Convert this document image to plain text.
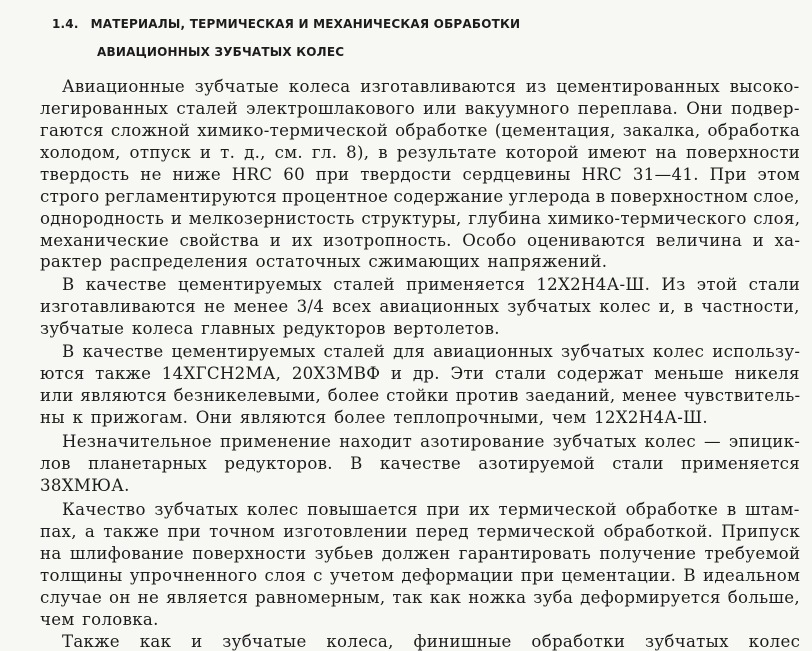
1.4. МАТЕРИАЛЫ, ТЕРМИЧЕСКАЯ И МЕХАНИЧЕСКАЯ ОБРАБОТКИ
АВИАЦИОННЫХ ЗУБЧАТЫХ КОЛЕС
Авиационные зубчатые колеса изготавливаются из цементированных высоко-
легированных сталей электрошлакового или вакуумного переплава. Они подвер-
гаются сложной химико-термической обработке (цементация, закалка, обработка
холодом, отпуск и т. д., см. гл. 8), в результате которой имеют на поверхности
твердость не ниже HRC 60 при твердости сердцевины HRC 31—41. При этом
строго регламентируются процентное содержание углерода в поверхностном слое,
однородность и мелкозернистость структуры, глубина химико-термического слоя,
механические свойства и их изотропность. Особо оцениваются величина и ха-
рактер распределения остаточных сжимающих напряжений.
В качестве цементируемых сталей применяется 12Х2Н4А-Ш. Из этой стали
изготавливаются не менее 3/4 всех авиационных зубчатых колес и, в частности,
зубчатые колеса главных редукторов вертолетов.
В качестве цементируемых сталей для авиационных зубчатых колес использу-
ются также 14ХГСН2МА, 20Х3МВФ и др. Эти стали содержат меньше никеля
или являются безникелевыми, более стойки против заеданий, менее чувствитель-
ны к прижогам. Они являются более теплопрочными, чем 12Х2Н4А-Ш.
Незначительное применение находит азотирование зубчатых колес — эпицик-
лов планетарных редукторов. В качестве азотируемой стали применяется
38ХМЮА.
Качество зубчатых колес повышается при их термической обработке в штам-
пах, а также при точном изготовлении перед термической обработкой. Припуск
на шлифование поверхности зубьев должен гарантировать получение требуемой
толщины упрочненного слоя с учетом деформации при цементации. В идеальном
случае он не является равномерным, так как ножка зуба деформируется больше,
чем головка.
Также как и зубчатые колеса, финишные обработки зубчатых колес
